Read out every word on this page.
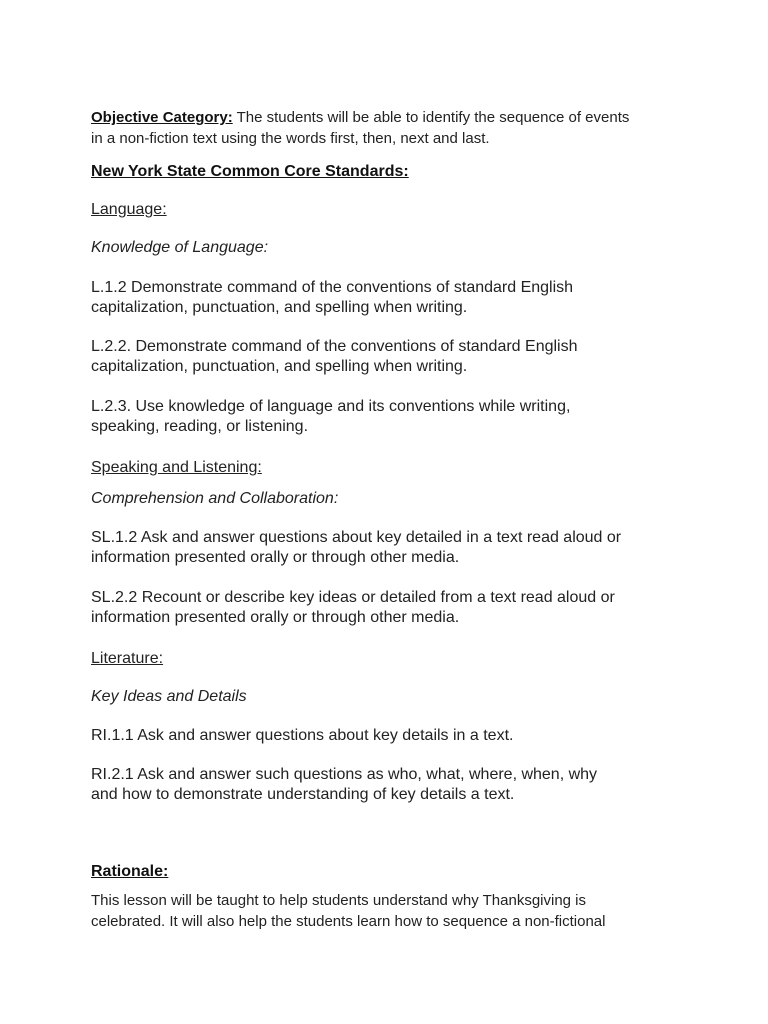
Objective Category: The students will be able to identify the sequence of events
in a non-fiction text using the words first, then, next and last.
New York State Common Core Standards:
Language:
Knowledge of Language:
L.1.2 Demonstrate command of the conventions of standard English
capitalization, punctuation, and spelling when writing.
L.2.2. Demonstrate command of the conventions of standard English
capitalization, punctuation, and spelling when writing.
L.2.3. Use knowledge of language and its conventions while writing,
speaking, reading, or listening.
Speaking and Listening:
Comprehension and Collaboration:
SL.1.2 Ask and answer questions about key detailed in a text read aloud or
information presented orally or through other media.
SL.2.2 Recount or describe key ideas or detailed from a text read aloud or
information presented orally or through other media.
Literature:
Key Ideas and Details
RI.1.1 Ask and answer questions about key details in a text.
RI.2.1 Ask and answer such questions as who, what, where, when, why
and how to demonstrate understanding of key details a text.
Rationale:
This lesson will be taught to help students understand why Thanksgiving is
celebrated. It will also help the students learn how to sequence a non-fictional
